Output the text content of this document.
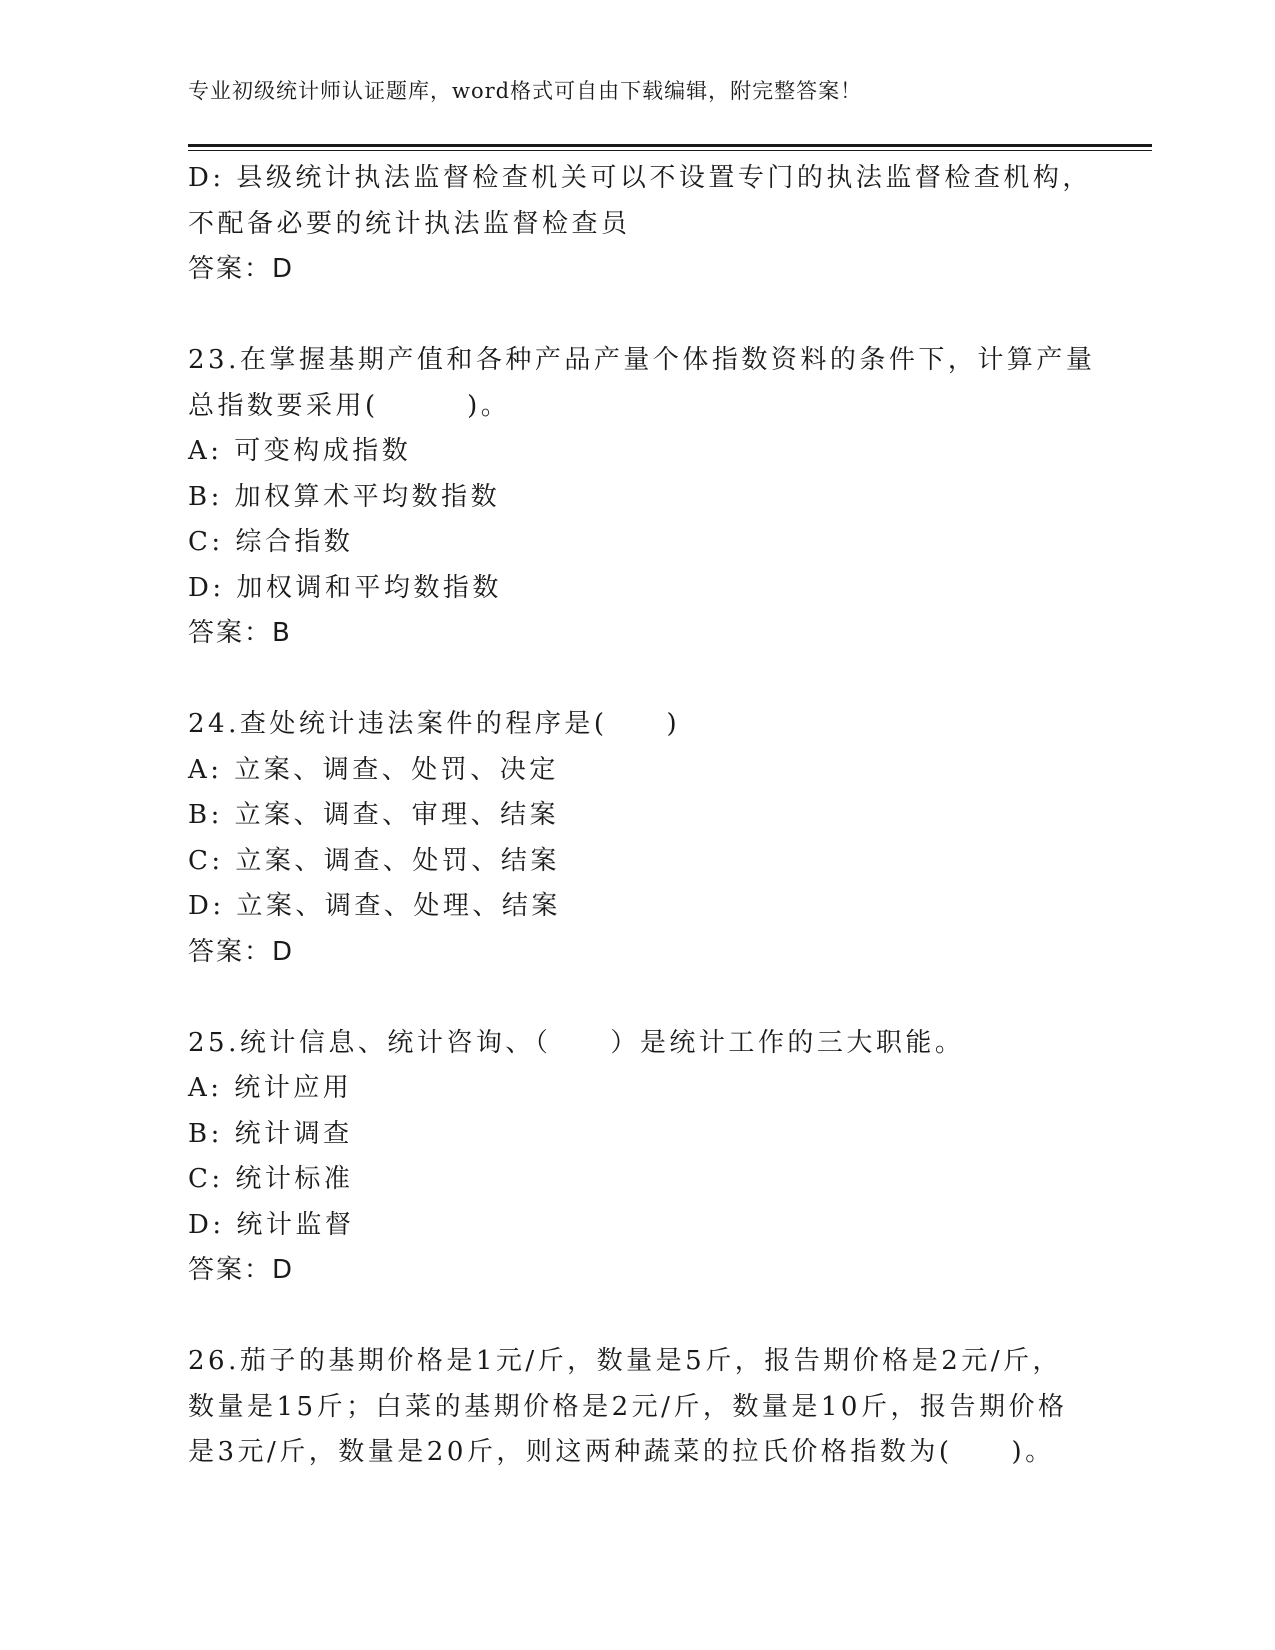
专业初级统计师认证题库，word格式可自由下载编辑，附完整答案！

D: 县级统计执法监督检查机关可以不设置专门的执法监督检查机构，

不配备必要的统计执法监督检查员

答案：D

23.在掌握基期产值和各种产品产量个体指数资料的条件下，计算产量

总指数要采用(　　　)。

A: 可变构成指数

B: 加权算术平均数指数

C: 综合指数

D: 加权调和平均数指数

答案：B

24.查处统计违法案件的程序是(　　)

A: 立案、调查、处罚、决定

B: 立案、调查、审理、结案

C: 立案、调查、处罚、结案

D: 立案、调查、处理、结案

答案：D

25.统计信息、统计咨询、（　　）是统计工作的三大职能。

A: 统计应用

B: 统计调查

C: 统计标准

D: 统计监督

答案：D

26.茄子的基期价格是1元/斤，数量是5斤，报告期价格是2元/斤，

数量是15斤；白菜的基期价格是2元/斤，数量是10斤，报告期价格

是3元/斤，数量是20斤，则这两种蔬菜的拉氏价格指数为(　　)。
